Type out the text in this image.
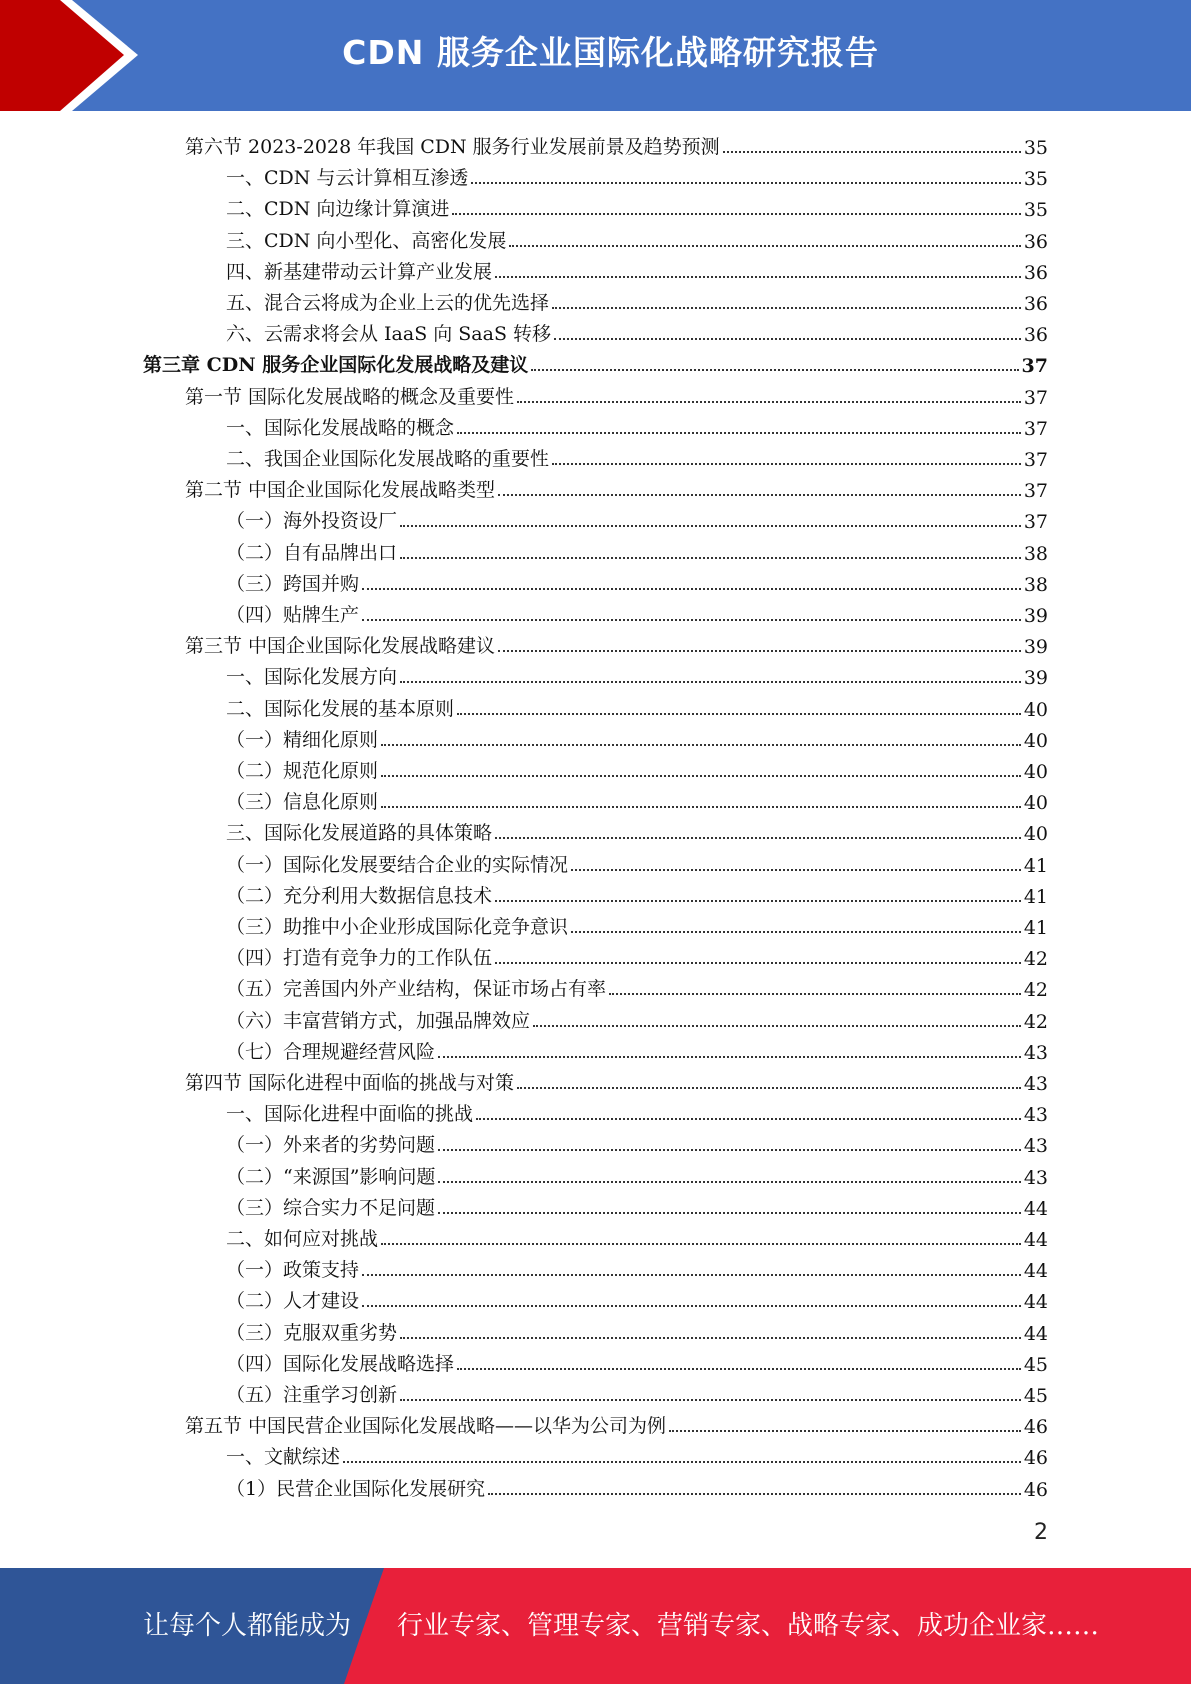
CDN 服务企业国际化战略研究报告
第六节 2023-2028 年我国 CDN 服务行业发展前景及趋势预测	35
一、CDN 与云计算相互渗透	35
二、CDN 向边缘计算演进	35
三、CDN 向小型化、高密化发展	36
四、新基建带动云计算产业发展	36
五、混合云将成为企业上云的优先选择	36
六、云需求将会从 IaaS 向 SaaS 转移	36
第三章 CDN 服务企业国际化发展战略及建议	37
第一节 国际化发展战略的概念及重要性	37
一、国际化发展战略的概念	37
二、我国企业国际化发展战略的重要性	37
第二节 中国企业国际化发展战略类型	37
（一）海外投资设厂	37
（二）自有品牌出口	38
（三）跨国并购	38
（四）贴牌生产	39
第三节 中国企业国际化发展战略建议	39
一、国际化发展方向	39
二、国际化发展的基本原则	40
（一）精细化原则	40
（二）规范化原则	40
（三）信息化原则	40
三、国际化发展道路的具体策略	40
（一）国际化发展要结合企业的实际情况	41
（二）充分利用大数据信息技术	41
（三）助推中小企业形成国际化竞争意识	41
（四）打造有竞争力的工作队伍	42
（五）完善国内外产业结构，保证市场占有率	42
（六）丰富营销方式，加强品牌效应	42
（七）合理规避经营风险	43
第四节 国际化进程中面临的挑战与对策	43
一、国际化进程中面临的挑战	43
（一）外来者的劣势问题	43
（二）“来源国”影响问题	43
（三）综合实力不足问题	44
二、如何应对挑战	44
（一）政策支持	44
（二）人才建设	44
（三）克服双重劣势	44
（四）国际化发展战略选择	45
（五）注重学习创新	45
第五节 中国民营企业国际化发展战略——以华为公司为例	46
一、文献综述	46
（1）民营企业国际化发展研究	46
2
让每个人都能成为 行业专家、管理专家、营销专家、战略专家、成功企业家……
